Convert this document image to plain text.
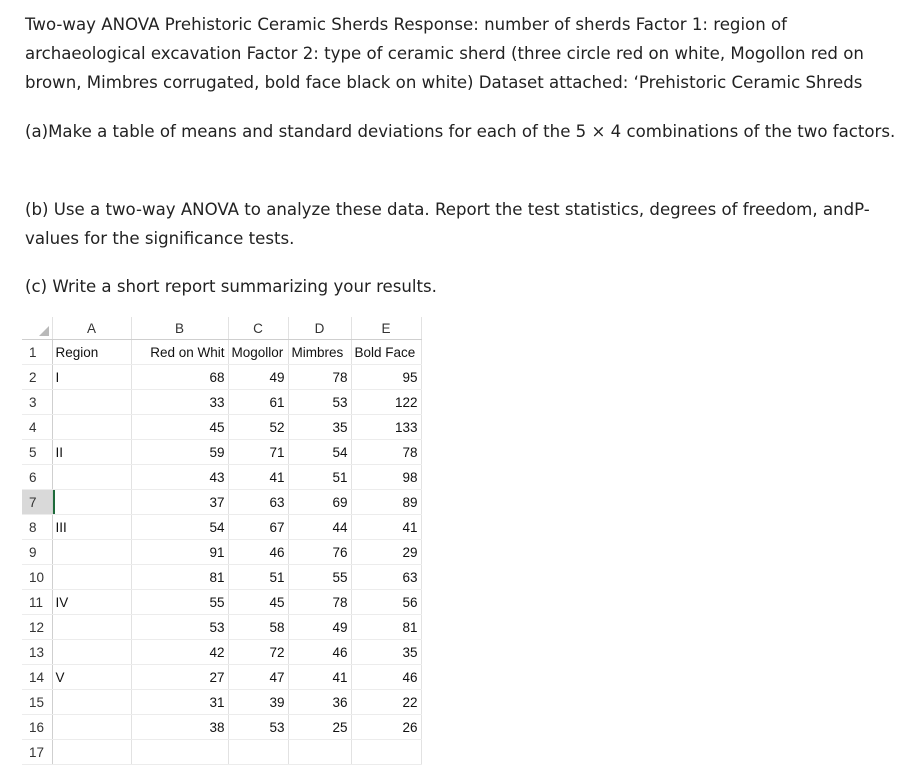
Two-way ANOVA Prehistoric Ceramic Sherds Response: number of sherds Factor 1: region of archaeological excavation Factor 2: type of ceramic sherd (three circle red on white, Mogollon red on brown, Mimbres corrugated, bold face black on white) Dataset attached: ‘Prehistoric Ceramic Shreds
(a)Make a table of means and standard deviations for each of the 5 × 4 combinations of the two factors.
(b) Use a two-way ANOVA to analyze these data. Report the test statistics, degrees of freedom, andP-values for the significance tests.
(c) Write a short report summarizing your results.
	A	B	C	D	E
1	Region	Red on Whit	Mogollor	Mimbres	Bold Face
2	I	68	49	78	95
3		33	61	53	122
4		45	52	35	133
5	II	59	71	54	78
6		43	41	51	98
7		37	63	69	89
8	III	54	67	44	41
9		91	46	76	29
10		81	51	55	63
11	IV	55	45	78	56
12		53	58	49	81
13		42	72	46	35
14	V	27	47	41	46
15		31	39	36	22
16		38	53	25	26
17					
